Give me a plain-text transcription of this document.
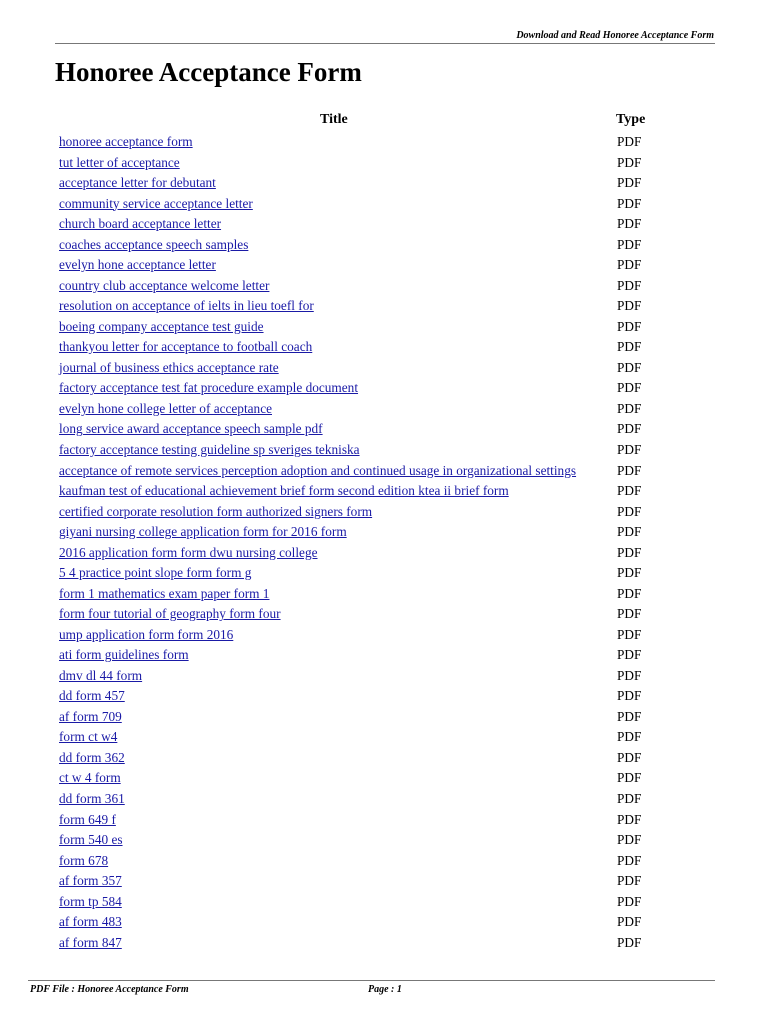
Download and Read Honoree Acceptance Form
Honoree Acceptance Form
Title	Type
honoree acceptance form	PDF
tut letter of acceptance	PDF
acceptance letter for debutant	PDF
community service acceptance letter	PDF
church board acceptance letter	PDF
coaches acceptance speech samples	PDF
evelyn hone acceptance letter	PDF
country club acceptance welcome letter	PDF
resolution on acceptance of ielts in lieu toefl for	PDF
boeing company acceptance test guide	PDF
thankyou letter for acceptance to football coach	PDF
journal of business ethics acceptance rate	PDF
factory acceptance test fat procedure example document	PDF
evelyn hone college letter of acceptance	PDF
long service award acceptance speech sample pdf	PDF
factory acceptance testing guideline sp sveriges tekniska	PDF
acceptance of remote services perception adoption and continued usage in organizational settings	PDF
kaufman test of educational achievement brief form second edition ktea ii brief form	PDF
certified corporate resolution form authorized signers form	PDF
giyani nursing college application form for 2016 form	PDF
2016 application form form dwu nursing college	PDF
5 4 practice point slope form form g	PDF
form 1 mathematics exam paper form 1	PDF
form four tutorial of geography form four	PDF
ump application form form 2016	PDF
ati form guidelines form	PDF
dmv dl 44 form	PDF
dd form 457	PDF
af form 709	PDF
form ct w4	PDF
dd form 362	PDF
ct w 4 form	PDF
dd form 361	PDF
form 649 f	PDF
form 540 es	PDF
form 678	PDF
af form 357	PDF
form tp 584	PDF
af form 483	PDF
af form 847	PDF
PDF File : Honoree Acceptance Form	Page : 1
